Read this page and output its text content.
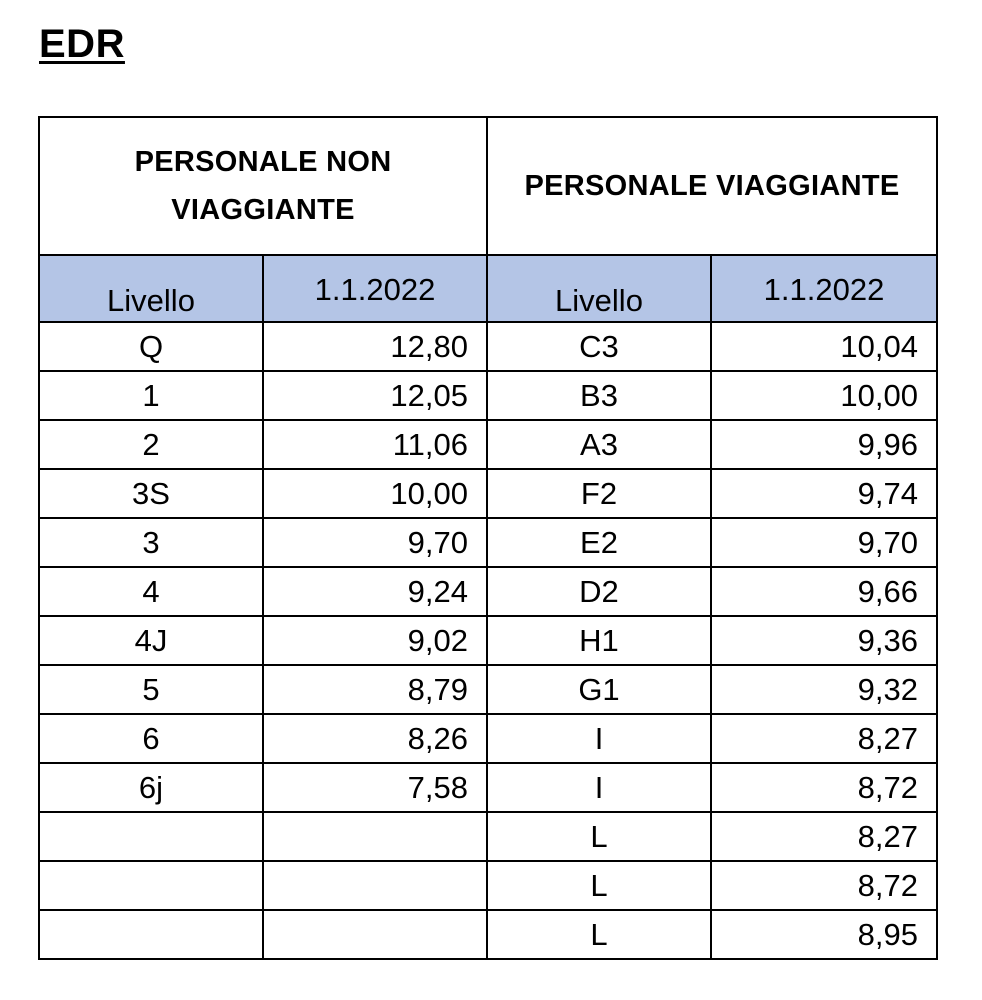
EDR
PERSONALE NON VIAGGIANTE		PERSONALE VIAGGIANTE	
Livello	1.1.2022	Livello	1.1.2022
Q	12,80	C3	10,04
1	12,05	B3	10,00
2	11,06	A3	9,96
3S	10,00	F2	9,74
3	9,70	E2	9,70
4	9,24	D2	9,66
4J	9,02	H1	9,36
5	8,79	G1	9,32
6	8,26	I	8,27
6j	7,58	I	8,72
		L	8,27
		L	8,72
		L	8,95
